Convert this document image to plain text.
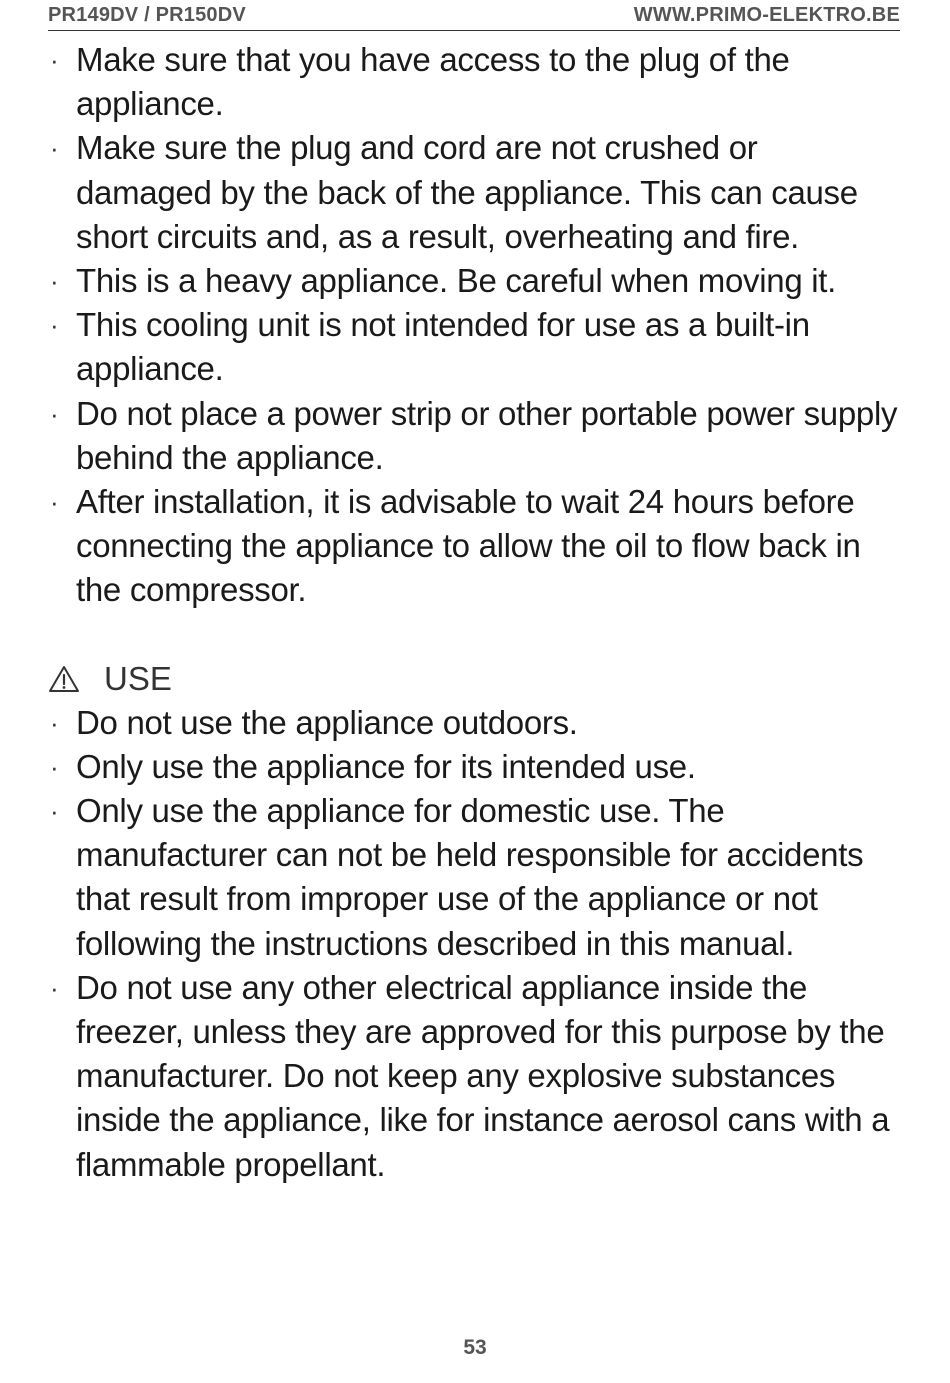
PR149DV / PR150DV	WWW.PRIMO-ELEKTRO.BE
· Make sure that you have access to the plug of the appliance.
· Make sure the plug and cord are not crushed or damaged by the back of the appliance. This can cause short circuits and, as a result, overheating and fire.
· This is a heavy appliance. Be careful when moving it.
· This cooling unit is not intended for use as a built-in appliance.
· Do not place a power strip or other portable power supply behind the appliance.
· After installation, it is advisable to wait 24 hours before connecting the appliance to allow the oil to flow back in the compressor.
USE
· Do not use the appliance outdoors.
· Only use the appliance for its intended use.
· Only use the appliance for domestic use. The manufacturer can not be held responsible for accidents that result from improper use of the appliance or not following the instructions described in this manual.
· Do not use any other electrical appliance inside the freezer, unless they are approved for this purpose by the manufacturer. Do not keep any explosive substances inside the appliance, like for instance aerosol cans with a flammable propellant.
53
